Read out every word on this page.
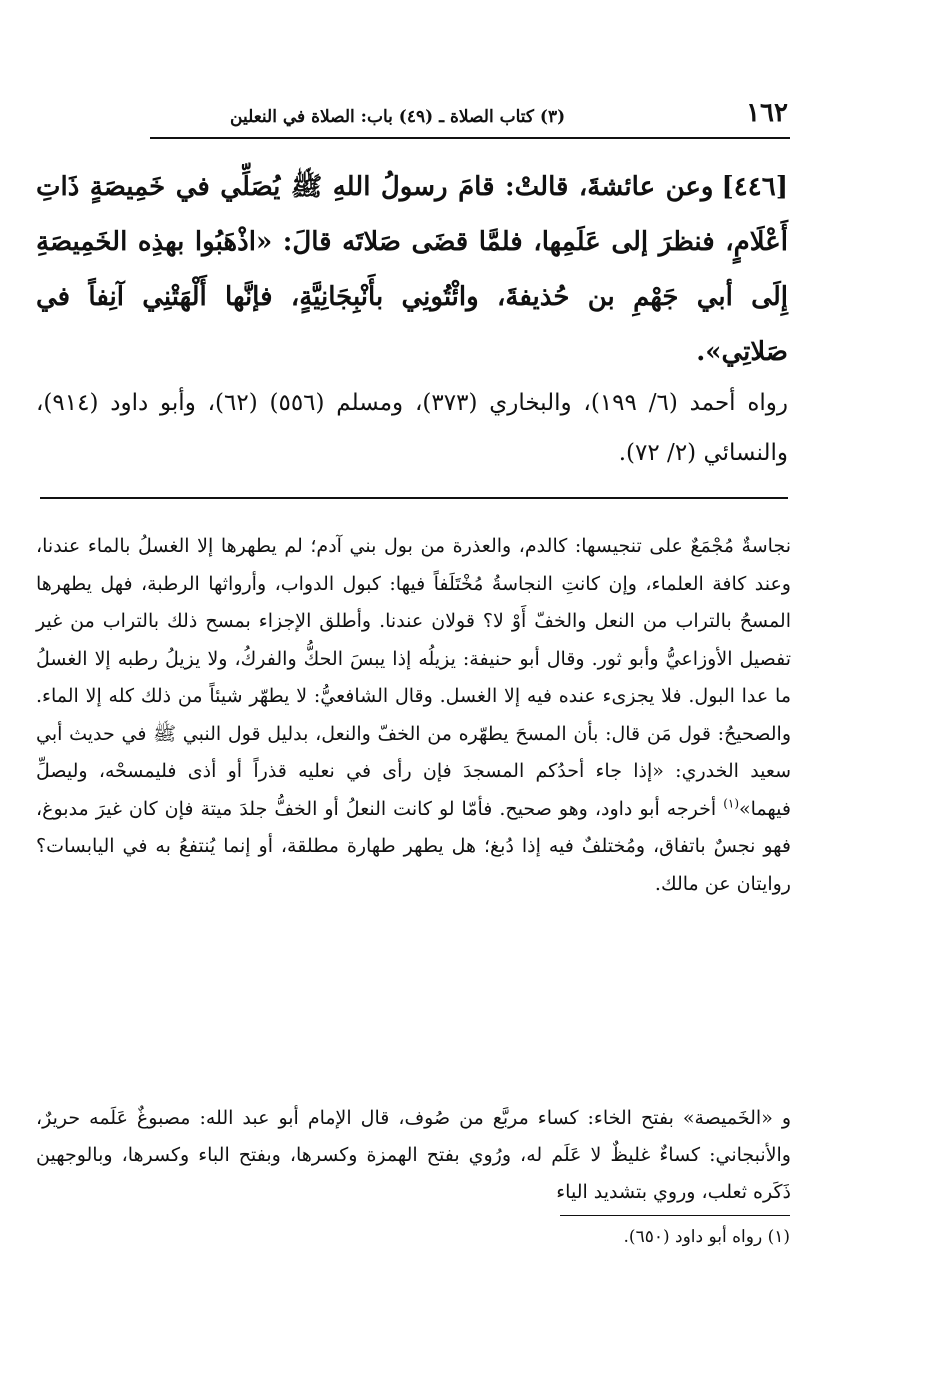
١٦٢
(٣) كتاب الصلاة ـ (٤٩) باب: الصلاة في النعلين

[٤٤٦]وعن عائشةَ، قالتْ: قامَ رسولُ اللهِ ﷺ يُصَلِّي في خَمِيصَةٍ ذَاتِ أَعْلَامٍ، فنظرَ إلى عَلَمِها، فلمَّا قضَى صَلاتَه قالَ: «اذْهَبُوا بهذِه الخَمِيصَةِ إِلَى أبي جَهْمِ بن حُذيفةَ، وائْتُونِي بأَنْبِجَانِيَّةٍ، فإنَّها أَلْهَتْنِي آنِفاً في صَلاتِي».

رواه أحمد (٦/ ١٩٩)، والبخاري (٣٧٣)، ومسلم (٥٥٦) (٦٢)، وأبو داود (٩١٤)، والنسائي (٢/ ٧٢).

نجاسةٌ مُجْمَعٌ على تنجيسها: كالدم، والعذرة من بول بني آدم؛ لم يطهرها إلا الغسلُ بالماء عندنا، وعند كافة العلماء، وإن كانتِ النجاسةُ مُخْتَلَفاً فيها: كبول الدواب، وأرواثها الرطبة، فهل يطهرها المسحُ بالتراب من النعل والخفّ أَوْ لا؟ قولان عندنا. وأطلق الإجزاء بمسح ذلك بالتراب من غير تفصيل الأوزاعيُّ وأبو ثور. وقال أبو حنيفة: يزيلُه إذا يبسَ الحكُّ والفركُ، ولا يزيلُ رطبه إلا الغسلُ ما عدا البول. فلا يجزىء عنده فيه إلا الغسل. وقال الشافعيُّ: لا يطهّر شيئاً من ذلك كله إلا الماء. والصحيحُ: قول مَن قال: بأن المسحَ يطهّره من الخفّ والنعل، بدليل قول النبي ﷺ في حديث أبي سعيد الخدري: «إذا جاء أحدُكم المسجدَ فإن رأى في نعليه قذراً أو أذى فليمسحْه، وليصلِّ فيهما»$^{(١)}$ أخرجه أبو داود، وهو صحيح. فأمّا لو كانت النعلُ أو الخفُّ جلدَ ميتة فإن كان غيرَ مدبوغ، فهو نجسٌ باتفاق، ومُختلفٌ فيه إذا دُبغ؛ هل يطهر طهارة مطلقة، أو إنما يُنتفعُ به في اليابسات؟ روايتان عن مالك.

و «الخَميصة» بفتح الخاء: كساء مربَّع من صُوف، قال الإمام أبو عبد الله: مصبوغٌ عَلَمه حريرٌ، والأنبجاني: كساءٌ غليظٌ لا عَلَم له، ورُوي بفتح الهمزة وكسرها، وبفتح الباء وكسرها، وبالوجهين ذَكَره ثعلب، وروي بتشديد الياء

(١) رواه أبو داود (٦٥٠).
